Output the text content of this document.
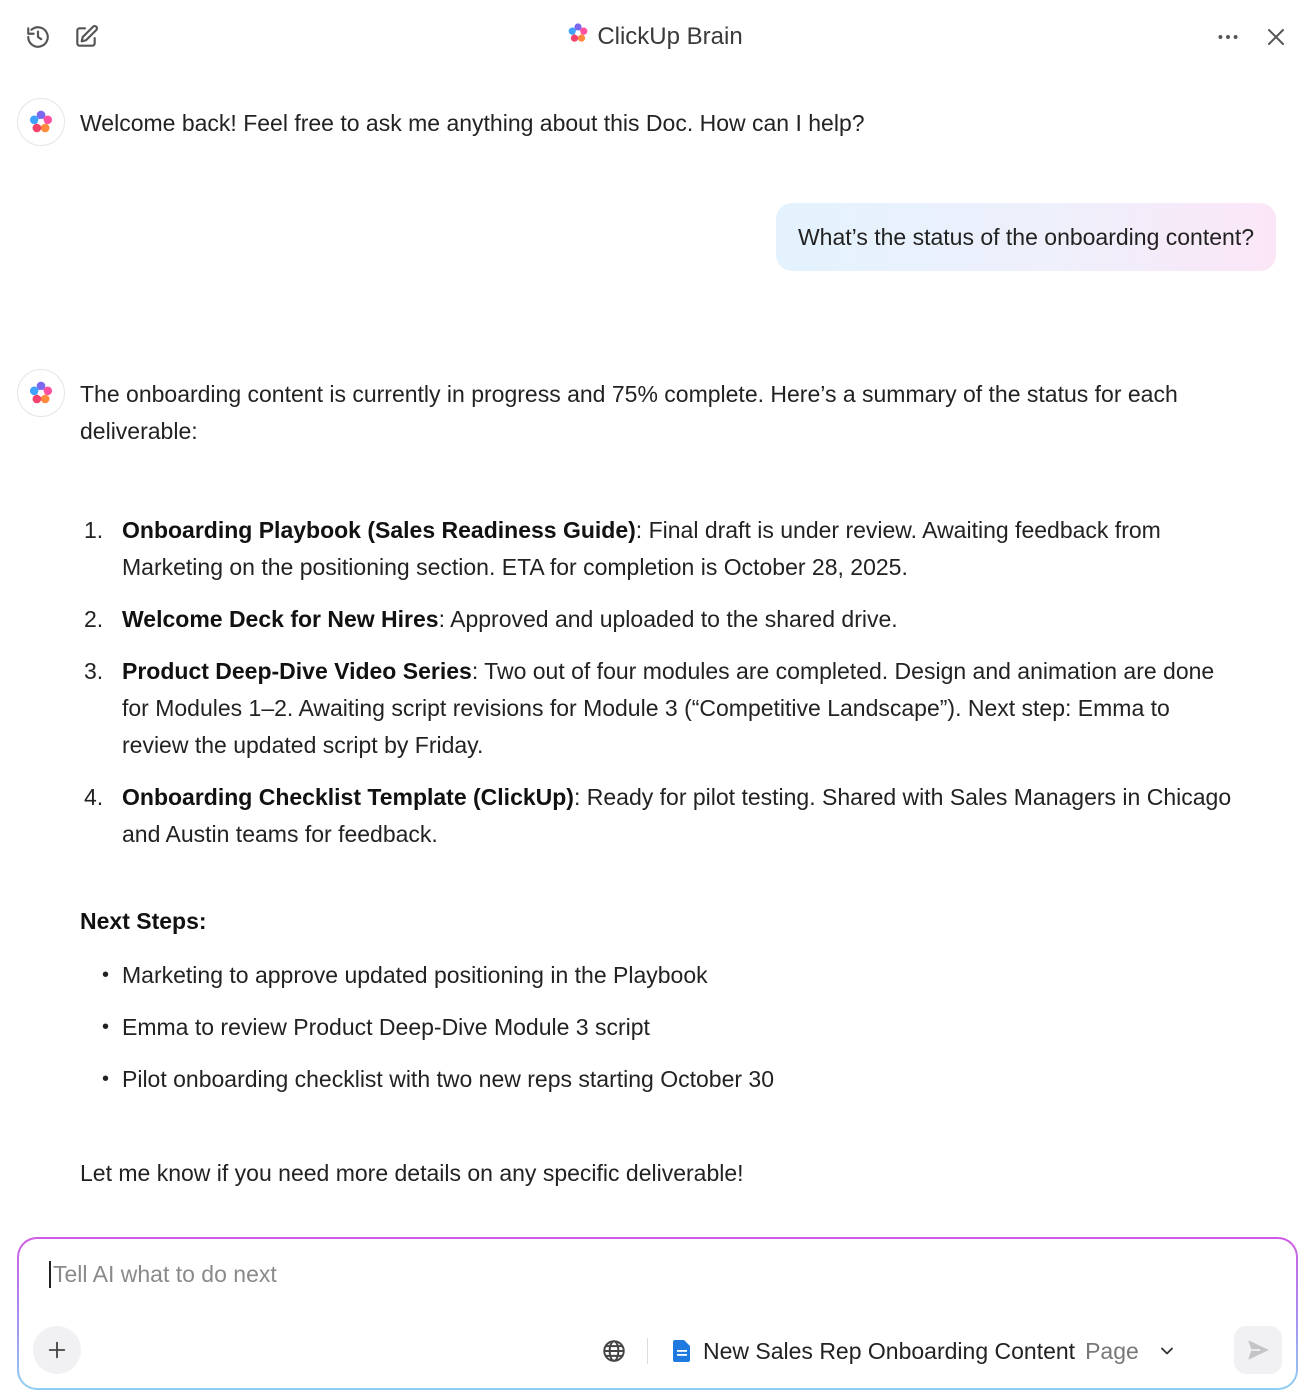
ClickUp Brain
Welcome back! Feel free to ask me anything about this Doc. How can I help?
What’s the status of the onboarding content?
The onboarding content is currently in progress and 75% complete. Here’s a summary of the status for each deliverable:
1. Onboarding Playbook (Sales Readiness Guide): Final draft is under review. Awaiting feedback from Marketing on the positioning section. ETA for completion is October 28, 2025.
2. Welcome Deck for New Hires: Approved and uploaded to the shared drive.
3. Product Deep-Dive Video Series: Two out of four modules are completed. Design and animation are done for Modules 1–2. Awaiting script revisions for Module 3 (“Competitive Landscape”). Next step: Emma to review the updated script by Friday.
4. Onboarding Checklist Template (ClickUp): Ready for pilot testing. Shared with Sales Managers in Chicago and Austin teams for feedback.
Next Steps:
• Marketing to approve updated positioning in the Playbook
• Emma to review Product Deep-Dive Module 3 script
• Pilot onboarding checklist with two new reps starting October 30
Let me know if you need more details on any specific deliverable!
Tell AI what to do next
New Sales Rep Onboarding Content Page
